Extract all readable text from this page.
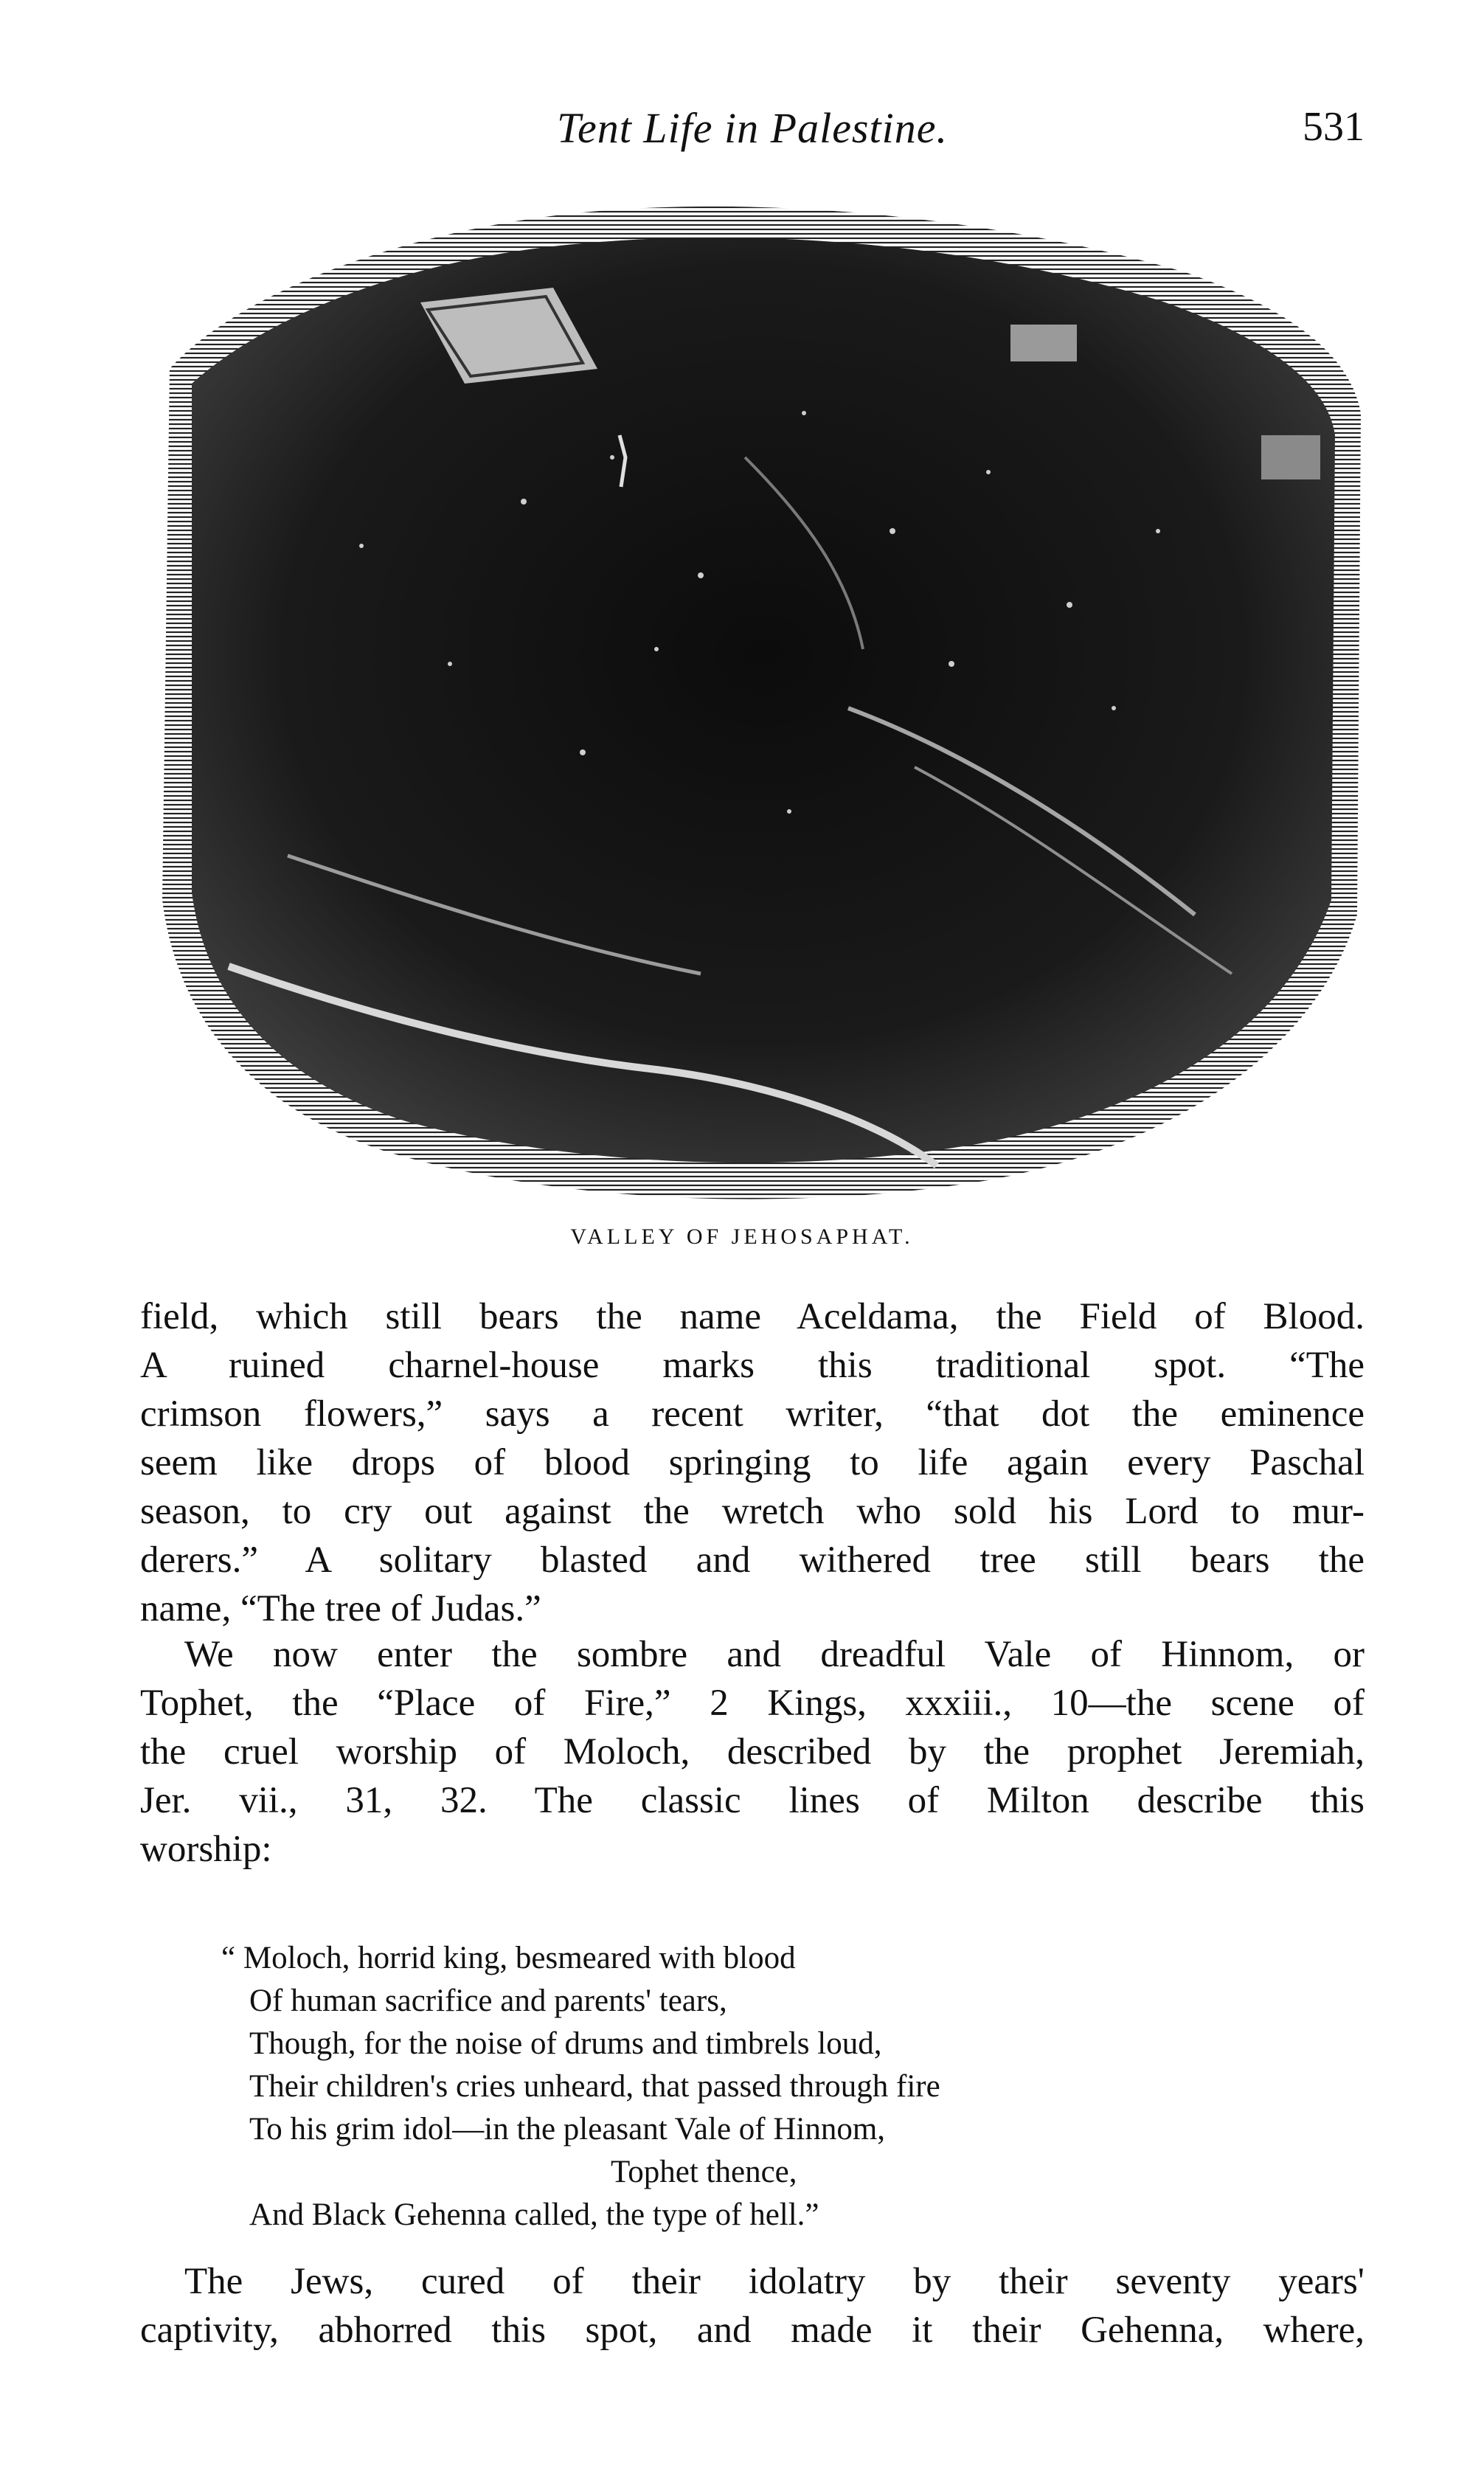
Tent Life in Palestine.	531
VALLEY OF JEHOSAPHAT.
field, which still bears the name Aceldama, the Field of Blood.
A ruined charnel-house marks this traditional spot. “The
crimson flowers,” says a recent writer, “that dot the eminence
seem like drops of blood springing to life again every Paschal
season, to cry out against the wretch who sold his Lord to mur-
derers.” A solitary blasted and withered tree still bears the
name, “The tree of Judas.”
We now enter the sombre and dreadful Vale of Hinnom, or
Tophet, the “Place of Fire,” 2 Kings, xxxiii., 10—the scene of
the cruel worship of Moloch, described by the prophet Jeremiah,
Jer. vii., 31, 32. The classic lines of Milton describe this
worship:
“ Moloch, horrid king, besmeared with blood
Of human sacrifice and parents' tears,
Though, for the noise of drums and timbrels loud,
Their children's cries unheard, that passed through fire
To his grim idol—in the pleasant Vale of Hinnom,
Tophet thence,
And Black Gehenna called, the type of hell.”
The Jews, cured of their idolatry by their seventy years'
captivity, abhorred this spot, and made it their Gehenna, where,
